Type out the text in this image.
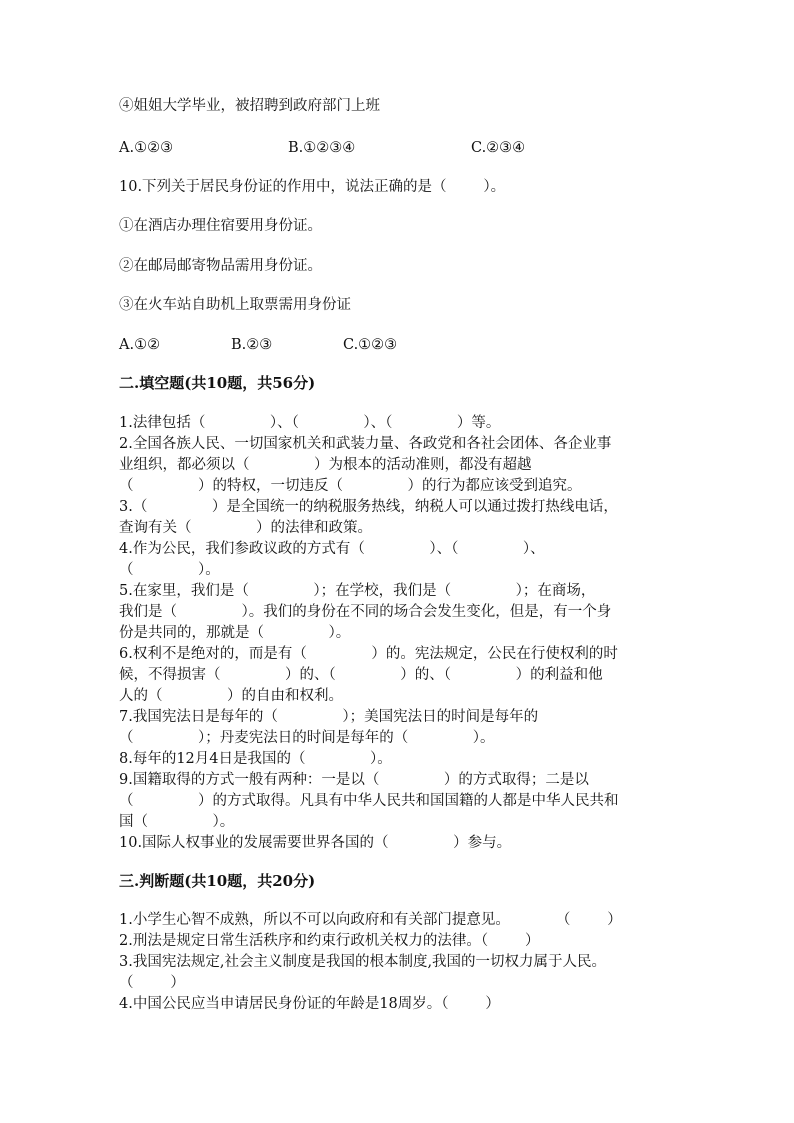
④姐姐大学毕业，被招聘到政府部门上班
A.①②③	B.①②③④	C.②③④
10.下列关于居民身份证的作用中，说法正确的是（        ）。
①在酒店办理住宿要用身份证。
②在邮局邮寄物品需用身份证。
③在火车站自助机上取票需用身份证
A.①②	B.②③	C.①②③
二.填空题(共10题，共56分)
1.法律包括（              ）、（              ）、（              ）等。
2.全国各族人民、一切国家机关和武装力量、各政党和各社会团体、各企业事
业组织，都必须以（              ）为根本的活动准则，都没有超越
（              ）的特权，一切违反（              ）的行为都应该受到追究。
3.（              ）是全国统一的纳税服务热线，纳税人可以通过拨打热线电话，
查询有关（              ）的法律和政策。
4.作为公民，我们参政议政的方式有（              ）、（              ）、
（              ）。
5.在家里，我们是（              ）；在学校，我们是（              ）；在商场，
我们是（              ）。我们的身份在不同的场合会发生变化，但是，有一个身
份是共同的，那就是（              ）。
6.权利不是绝对的，而是有（              ）的。宪法规定，公民在行使权利的时
候，不得损害（              ）的、（              ）的、（              ）的利益和他
人的（              ）的自由和权利。
7.我国宪法日是每年的（              ）；美国宪法日的时间是每年的
（              ）；丹麦宪法日的时间是每年的（              ）。
8.每年的12月4日是我国的（              ）。
9.国籍取得的方式一般有两种：一是以（              ）的方式取得；二是以
（              ）的方式取得。凡具有中华人民共和国国籍的人都是中华人民共和
国（              ）。
10.国际人权事业的发展需要世界各国的（              ）参与。
三.判断题(共10题，共20分)
1.小学生心智不成熟，所以不可以向政府和有关部门提意见。          （        ）
2.刑法是规定日常生活秩序和约束行政机关权力的法律。（        ）
3.我国宪法规定,社会主义制度是我国的根本制度,我国的一切权力属于人民。
（        ）
4.中国公民应当申请居民身份证的年龄是18周岁。（        ）
